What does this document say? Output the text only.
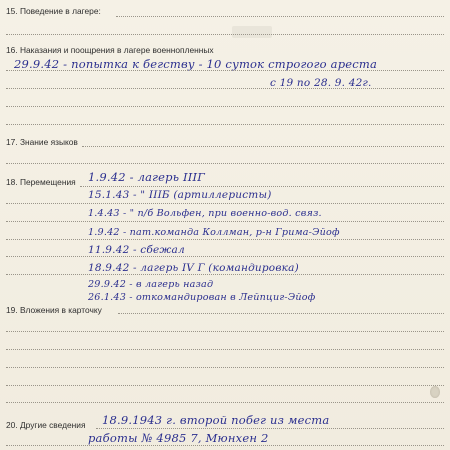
15. Поведение в лагере:
16. Наказания и поощрения в лагере военнопленных
29.9.42 - попытка к бегству - 10 суток строгого ареста
с 19 по 28. 9. 42г.
17. Знание языков
18. Перемещения 1.9.42 - лагерь IIIГ
15.1.43 - " IIIБ (артиллеристы)
1.4.43 - " п/б Вольфен, при военно-вод. связ.
1.9.42 - пат.команда Коллман, р-н Грима-Эйоф
11.9.42 - сбежал
18.9.42 - лагерь IV Г (командировка)
29.9.42 - в лагерь назад
26.1.43 - откомандирован в Лейпциг-Эйоф
19. Вложения в карточку
20. Другие сведения 18.9.1943 г. второй побег из места
работы № 4985 7, Мюнхен 2
